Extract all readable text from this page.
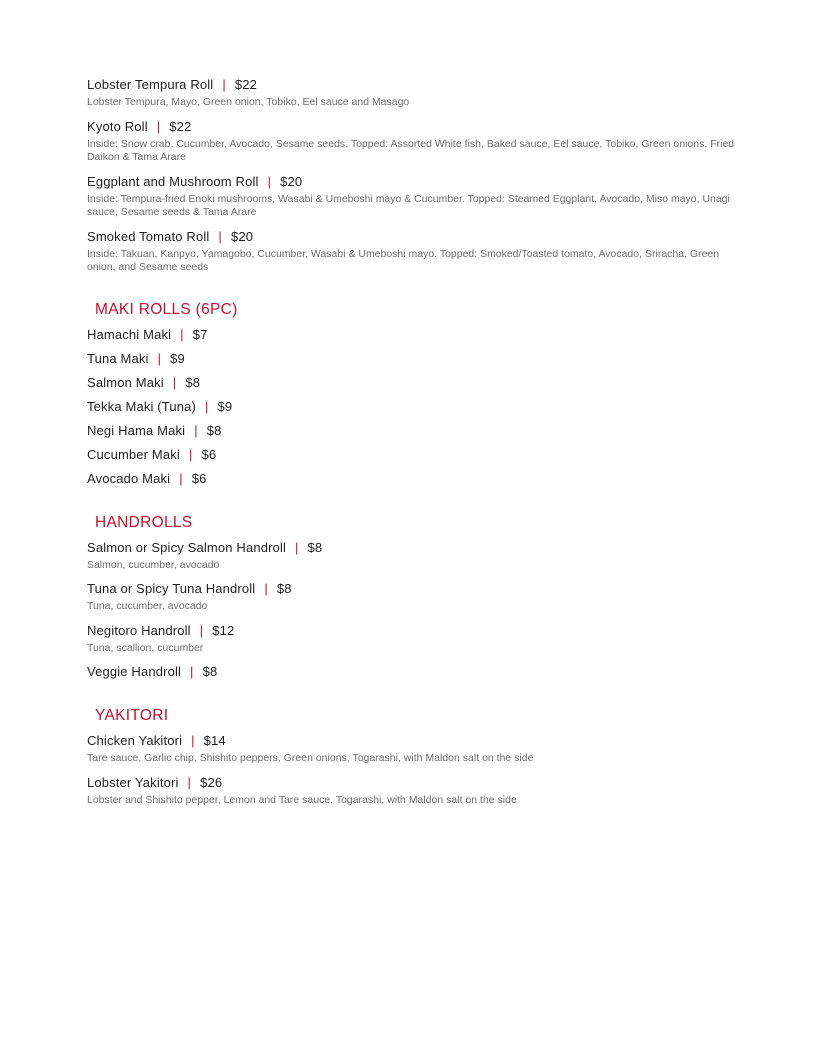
Lobster Tempura Roll | $22
Lobster Tempura, Mayo, Green onion, Tobiko, Eel sauce and Masago
Kyoto Roll | $22
Inside: Snow crab, Cucumber, Avocado, Sesame seeds. Topped: Assorted White fish, Baked sauce, Eel sauce, Tobiko, Green onions, Fried Daikon & Tama Arare
Eggplant and Mushroom Roll | $20
Inside: Tempura-fried Enoki mushrooms, Wasabi & Umeboshi mayo & Cucumber. Topped: Steamed Eggplant, Avocado, Miso mayo, Unagi sauce, Sesame seeds & Tama Arare
Smoked Tomato Roll | $20
Inside: Takuan, Kanpyo, Yamagobo, Cucumber, Wasabi & Umeboshi mayo. Topped: Smoked/Toasted tomato, Avocado, Sriracha, Green onion, and Sesame seeds
MAKI ROLLS (6PC)
Hamachi Maki | $7
Tuna Maki | $9
Salmon Maki | $8
Tekka Maki (Tuna) | $9
Negi Hama Maki | $8
Cucumber Maki | $6
Avocado Maki | $6
HANDROLLS
Salmon or Spicy Salmon Handroll | $8
Salmon, cucumber, avocado
Tuna or Spicy Tuna Handroll | $8
Tuna, cucumber, avocado
Negitoro Handroll | $12
Tuna, scallion, cucumber
Veggie Handroll | $8
YAKITORI
Chicken Yakitori | $14
Tare sauce, Garlic chip, Shishito peppers, Green onions, Togarashi, with Maldon salt on the side
Lobster Yakitori | $26
Lobster and Shishito pepper, Lemon and Tare sauce, Togarashi, with Maldon salt on the side
